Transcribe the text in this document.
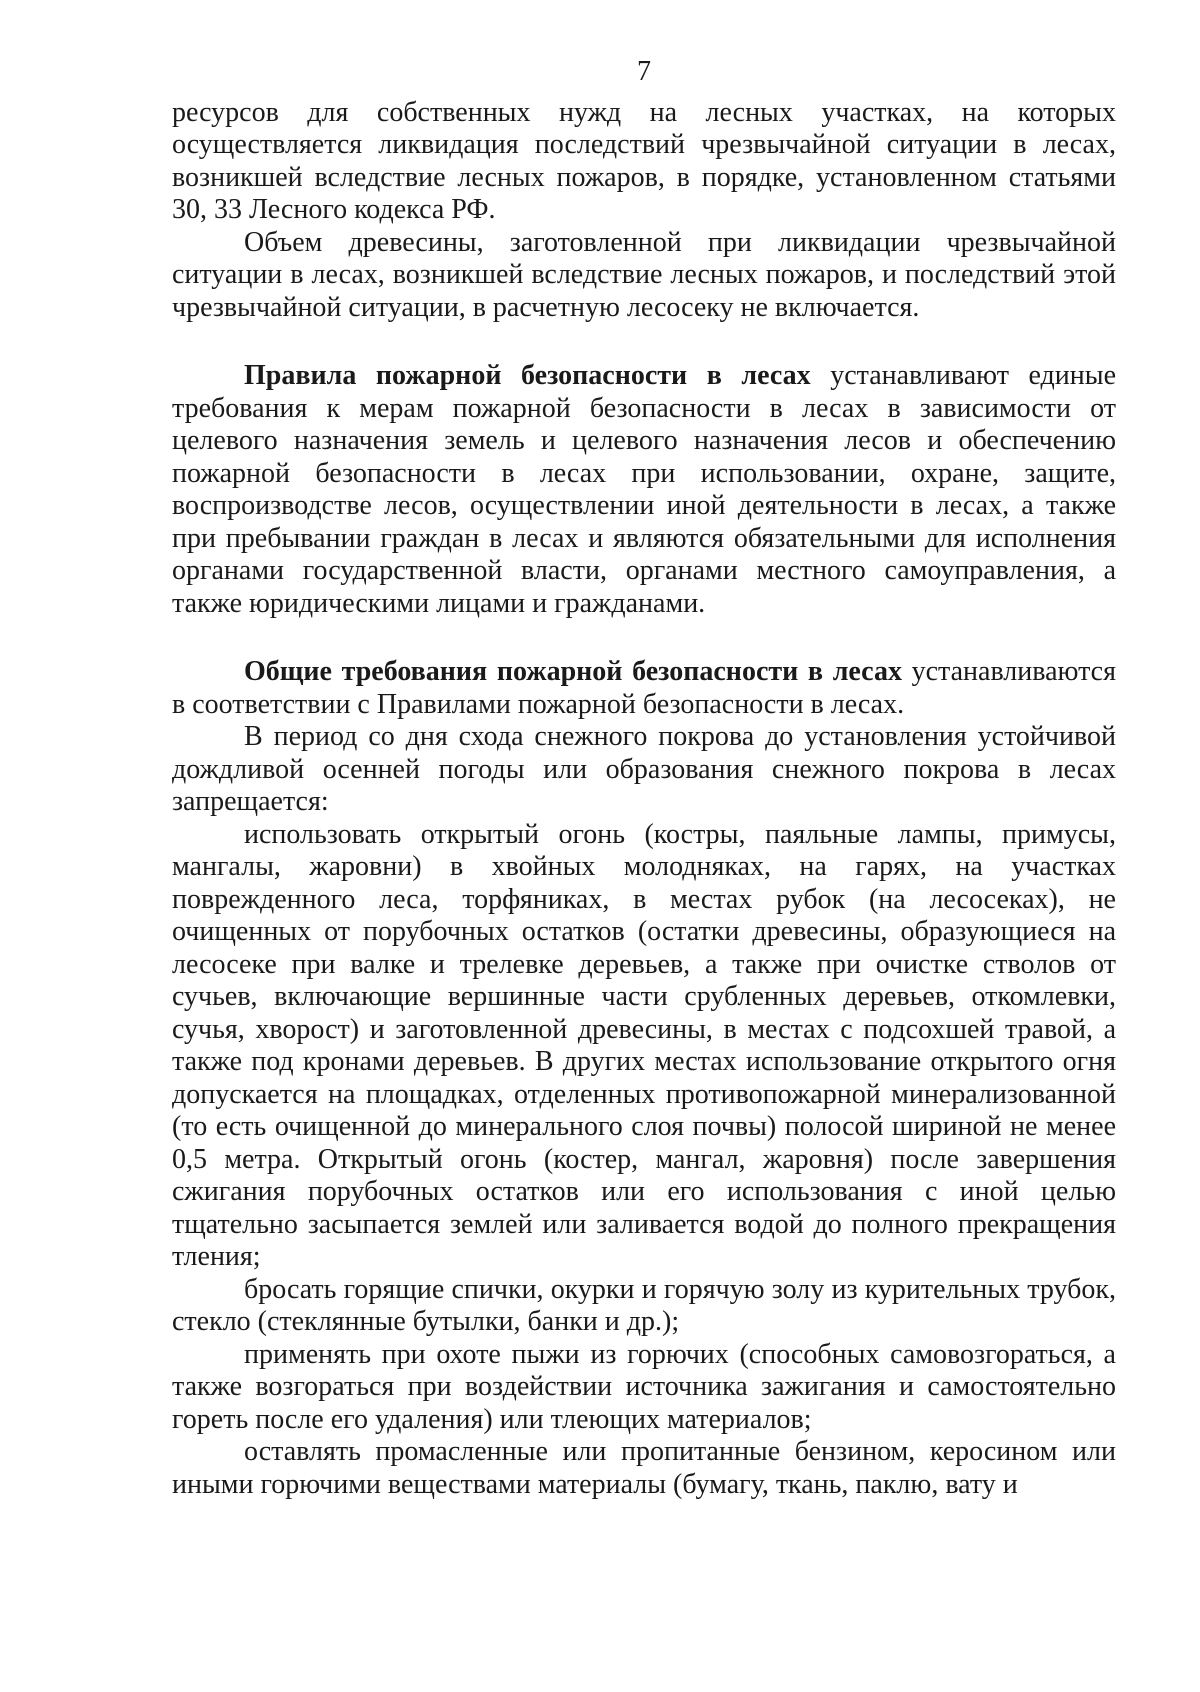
7

ресурсов для собственных нужд на лесных участках, на которых осуществляется ликвидация последствий чрезвычайной ситуации в лесах, возникшей вследствие лесных пожаров, в порядке, установленном статьями 30, 33 Лесного кодекса РФ.

Объем древесины, заготовленной при ликвидации чрезвычайной ситуации в лесах, возникшей вследствие лесных пожаров, и последствий этой чрезвычайной ситуации, в расчетную лесосеку не включается.

Правила пожарной безопасности в лесах устанавливают единые требования к мерам пожарной безопасности в лесах в зависимости от целевого назначения земель и целевого назначения лесов и обеспечению пожарной безопасности в лесах при использовании, охране, защите, воспроизводстве лесов, осуществлении иной деятельности в лесах, а также при пребывании граждан в лесах и являются обязательными для исполнения органами государственной власти, органами местного самоуправления, а также юридическими лицами и гражданами.

Общие требования пожарной безопасности в лесах устанавливаются в соответствии с Правилами пожарной безопасности в лесах.

В период со дня схода снежного покрова до установления устойчивой дождливой осенней погоды или образования снежного покрова в лесах запрещается:

использовать открытый огонь (костры, паяльные лампы, примусы, мангалы, жаровни) в хвойных молодняках, на гарях, на участках поврежденного леса, торфяниках, в местах рубок (на лесосеках), не очищенных от порубочных остатков (остатки древесины, образующиеся на лесосеке при валке и трелевке деревьев, а также при очистке стволов от сучьев, включающие вершинные части срубленных деревьев, откомлевки, сучья, хворост) и заготовленной древесины, в местах с подсохшей травой, а также под кронами деревьев. В других местах использование открытого огня допускается на площадках, отделенных противопожарной минерализованной (то есть очищенной до минерального слоя почвы) полосой шириной не менее 0,5 метра. Открытый огонь (костер, мангал, жаровня) после завершения сжигания порубочных остатков или его использования с иной целью тщательно засыпается землей или заливается водой до полного прекращения тления;

бросать горящие спички, окурки и горячую золу из курительных трубок, стекло (стеклянные бутылки, банки и др.);

применять при охоте пыжи из горючих (способных самовозгораться, а также возгораться при воздействии источника зажигания и самостоятельно гореть после его удаления) или тлеющих материалов;

оставлять промасленные или пропитанные бензином, керосином или иными горючими веществами материалы (бумагу, ткань, паклю, вату и
